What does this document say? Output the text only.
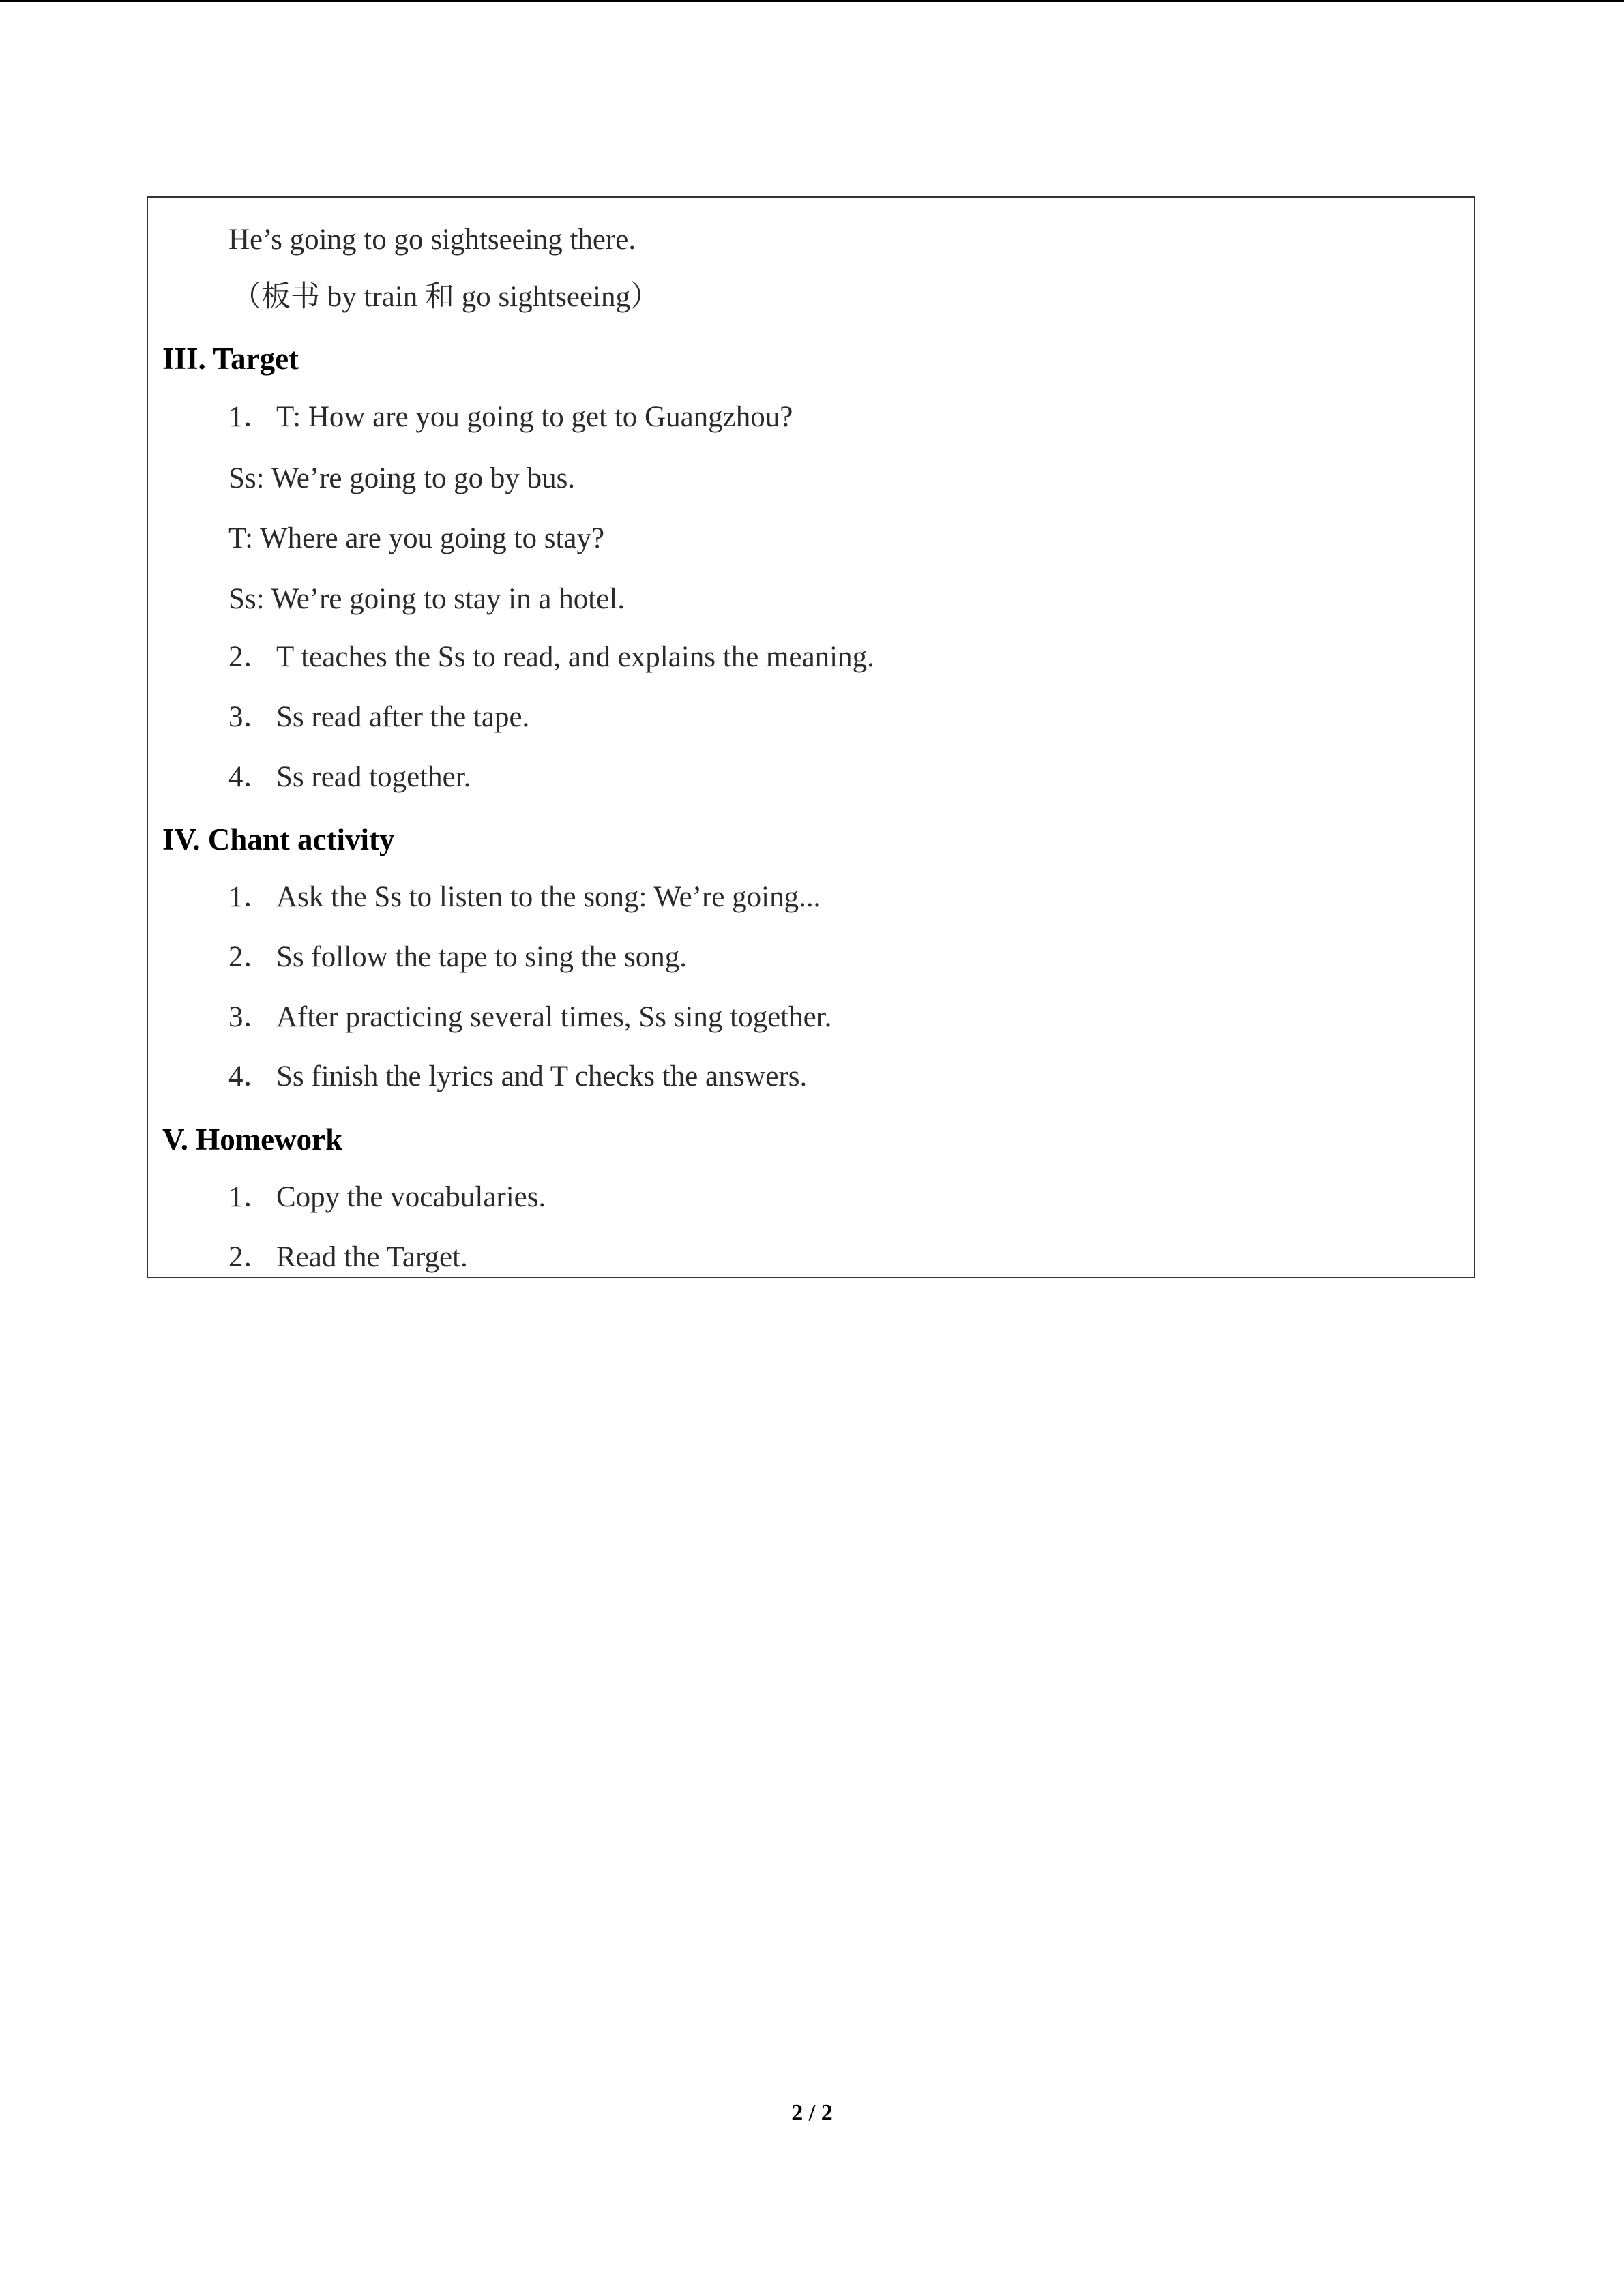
He’s going to go sightseeing there.
（板书 by train 和 go sightseeing）
III. Target
1． T: How are you going to get to Guangzhou?
Ss: We’re going to go by bus.
T: Where are you going to stay?
Ss: We’re going to stay in a hotel.
2． T teaches the Ss to read, and explains the meaning.
3． Ss read after the tape.
4． Ss read together.
IV. Chant activity
1． Ask the Ss to listen to the song: We’re going...
2． Ss follow the tape to sing the song.
3． After practicing several times, Ss sing together.
4． Ss finish the lyrics and T checks the answers.
V. Homework
1． Copy the vocabularies.
2． Read the Target.
2 / 2
